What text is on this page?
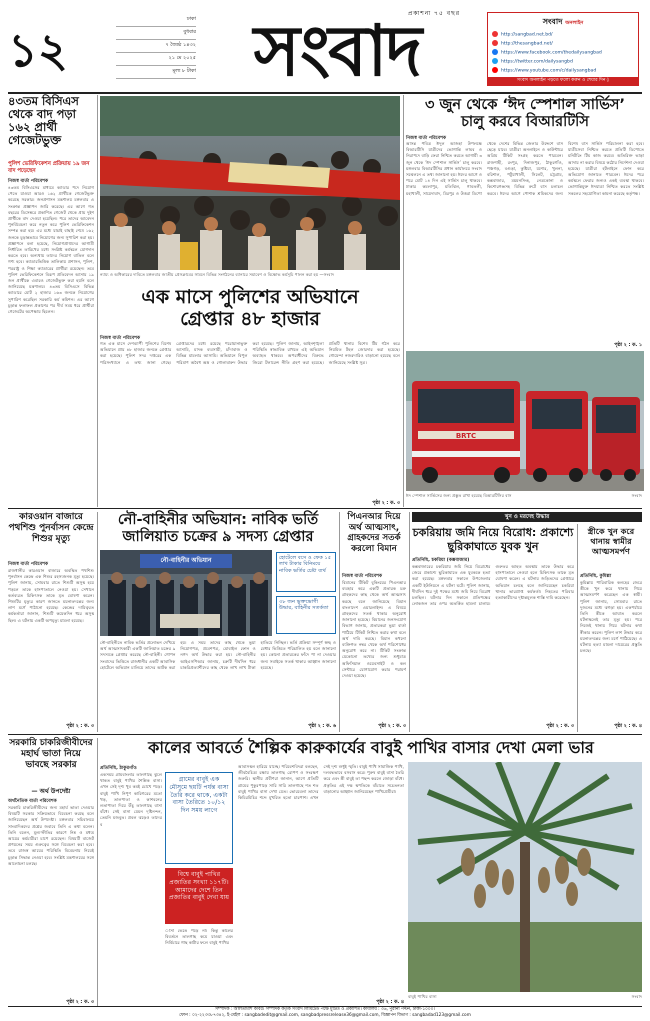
১২
ঢাকা
বুধবার
৭ জ্যৈষ্ঠ ১৪৩২
২১ মে ২০২৫
মূল্য ৮ টাকা
প্রকাশনা ৭৫ বছর
সংবাদ	সংবাদ অনলাইন
http://sangbad.net.bd/
http://thesangbad.net/
https://www.facebook.com/thedailysangbad
https://twitter.com/dailysangbd
https://www.youtube.com/c/dailysangbad
সংবাদ অনলাইন পড়তে ফলো করুন ও শেয়ার দিন ◊
৪৩তম বিসিএস থেকে বাদ পড়া ১৬২ প্রার্থী গেজেটভুক্ত
পুলিশ ভেরিফিকেশন প্রক্রিয়ায় ১৯ জন বাদ পড়েছেন
নিজস্ব বার্তা পরিবেশক
৪৩তম বিসিএসের মাধ্যমে ক্যাডার পদে নিয়োগ পেতে যাওয়া আরও ১৬২ প্রার্থীকে গেজেটভুক্ত করেছে সরকার। জনপ্রশাসন মন্ত্রণালয় মঙ্গলবার এ সংক্রান্ত প্রজ্ঞাপন জারি করেছে। এর আগে গত বছরের ডিসেম্বরে প্রকাশিত গেজেট থেকে প্রায় দুইশ প্রার্থীকে বাদ দেওয়া হয়েছিল। পরে তাদের আবেদন পুনর্বিবেচনা করে নতুন করে পুলিশ ভেরিফিকেশন সম্পন্ন করা হয়। এর মধ্যে যাচাই বাছাই শেষে ১৬২ জনকে চূড়ান্তভাবে নিয়োগের জন্য সুপারিশ করা হয়। প্রজ্ঞাপনে বলা হয়েছে, নিয়োগপ্রাপ্তদের আগামী নির্ধারিত তারিখের মধ্যে সংশ্লিষ্ট কর্মস্থলে যোগদান করতে হবে। অন্যথায় তাদের নিয়োগ বাতিল বলে গণ্য হবে। ক্যাডারভিত্তিক তালিকায় প্রশাসন, পুলিশ, পররাষ্ট্র ও শিক্ষা ক্যাডারের প্রার্থীরা রয়েছেন। তবে পুলিশ ভেরিফিকেশনে বিরূপ প্রতিবেদন আসায় ১৯ জন প্রার্থীকে এবারও গেজেটভুক্ত করা হয়নি বলে জানিয়েছে মন্ত্রণালয়। ৪৩তম বিসিএসে বিভিন্ন ক্যাডারে মোট ২ হাজার ১৬৩ জনকে নিয়োগের সুপারিশ করেছিল সরকারি কর্ম কমিশন। এর আগে চূড়ান্ত ফলাফল প্রকাশের পর দীর্ঘ সময় ধরে প্রার্থীরা গেজেটের অপেক্ষায় ছিলেন।
ন্যায্য ও অধিকারের দাবিতে মঙ্গলবার জাতীয় প্রেসক্লাবের সামনে বিভিন্ন সংগঠনের ব্যানারে সমাবেশ ও বিক্ষোভ কর্মসূচি পালন করা হয় —সংবাদ
৩ জুন থেকে ‘ঈদ স্পেশাল সার্ভিস’
চালু করবে বিআরটিসি
নিজস্ব বার্তা পরিবেশক
আসন্ন পবিত্র ঈদুল আজহা উপলক্ষে বিআরটিসি যাত্রীদের ভোগান্তি লাঘব ও নিরাপদে বাড়ি ফেরা নিশ্চিত করতে আগামী ৩ জুন থেকে ‘ঈদ স্পেশাল সার্ভিস’ চালু করবে। মঙ্গলবার বিআরটিসির প্রধান কার্যালয়ে সংবাদ সম্মেলনে এ তথ্য জানানো হয়। ঈদের আগে ও পরে মোট ১৪ দিন এই সার্ভিস চালু থাকবে। ঢাকার কমলাপুর, মতিঝিল, গাবতলী, মহাখালী, সায়েদাবাদ, মিরপুর ও উত্তরা ডিপো থেকে দেশের বিভিন্ন জেলার উদ্দেশে বাস ছেড়ে যাবে। যাত্রীরা অনলাইনে ও কাউন্টারে অগ্রিম টিকিট সংগ্রহ করতে পারবেন। রাজশাহী, রংপুর, দিনাজপুর, ঠাকুরগাঁও, পঞ্চগড়, বগুড়া, কুষ্টিয়া, যশোর, খুলনা, বরিশাল, পটুয়াখালী, সিলেট, চট্টগ্রাম, কক্সবাজার, ময়মনসিংহ, নেত্রকোনা ও কিশোরগঞ্জসহ বিভিন্ন রুটে বাস চলাচল করবে। ঈদের আগে পোশাক শ্রমিকদের জন্য বিশেষ বাস সার্ভিস পরিচালনা করা হবে। যাত্রীসেবা নিশ্চিত করতে প্রতিটি ডিপোতে মনিটরিং টিম কাজ করবে। অতিরিক্ত ভাড়া আদায় না করার বিষয়ে কঠোর নির্দেশনা দেওয়া হয়েছে। যাত্রীরা হটলাইনে ফোন করে অভিযোগ জানাতে পারবেন। ঈদের পরে কর্মস্থলে ফেরার জন্যও একই ব্যবস্থা থাকবে। ভোগান্তিমুক্ত ঈদযাত্রা নিশ্চিত করতে সংশ্লিষ্ট সকলের সহযোগিতা কামনা করেছে কর্তৃপক্ষ।
পৃষ্ঠা ২ : ক. ১
BRTC
ঈদ স্পেশাল সার্ভিসের জন্য প্রস্তুত রাখা হয়েছে বিআরটিসির বাস	সংবাদ
এক মাসে পুলিশের অভিযানে
গ্রেপ্তার ৪৮ হাজার
নিজস্ব বার্তা পরিবেশক
গত এক মাসে দেশব্যাপী পুলিশের বিশেষ অভিযানে প্রায় ৪৮ হাজার জনকে গ্রেপ্তার করা হয়েছে। পুলিশ সদর দপ্তরের এক পরিসংখ্যানে এ তথ্য জানা গেছে। গ্রেপ্তারদের মধ্যে রয়েছে পরোয়ানাভুক্ত আসামি, মাদক ব্যবসায়ী, চাঁদাবাজ ও বিভিন্ন মামলার আসামি। অভিযানে বিপুল পরিমাণ অবৈধ অস্ত্র ও গোলাবারুদ উদ্ধার করা হয়েছে। পুলিশ জানায়, আইনশৃঙ্খলা পরিস্থিতি স্বাভাবিক রাখতে এই অভিযান অব্যাহত থাকবে। অপরাধীদের বিরুদ্ধে জিরো টলারেন্স নীতি গ্রহণ করা হয়েছে। প্রতিটি থানায় বিশেষ টিম গঠন করে নিয়মিত টহল জোরদার করা হয়েছে। গোয়েন্দা নজরদারিও বাড়ানো হয়েছে বলে জানিয়েছে সংশ্লিষ্ট সূত্র।
পৃষ্ঠা ২ : ক. ৩
কারওয়ান বাজারে পথশিশু পুনর্বাসন কেন্দ্রে শিশুর মৃত্যু
নিজস্ব বার্তা পরিবেশক
রাজধানীর কারওয়ান বাজারে অবস্থিত পথশিশু পুনর্বাসন কেন্দ্রে এক শিশুর রহস্যজনক মৃত্যু হয়েছে। পুলিশ জানায়, সোমবার রাতে শিশুটি অসুস্থ হয়ে পড়লে তাকে হাসপাতালে নেওয়া হয়। সেখানে কর্তব্যরত চিকিৎসক তাকে মৃত ঘোষণা করেন। শিশুটির মৃত্যুর কারণ জানতে ময়নাতদন্তের জন্য লাশ মর্গে পাঠানো হয়েছে। কেন্দ্রের দায়িত্বরত কর্মকর্তারা জানান, শিশুটি কয়েকদিন ধরে অসুস্থ ছিল। এ ঘটনায় একটি অপমৃত্যু মামলা হয়েছে।
পৃষ্ঠা ২ : ক. ৩
নৌ-বাহিনীর অভিযান: নাবিক ভর্তি
জালিয়াত চক্রের ৯ সদস্য গ্রেপ্তার
নৌ-বাহিনীর অভিযান	হোটেলে বসে ও ফেক ১৫ লাখ টাকার বিনিময়ে নাবিক ভর্তির চেষ্টা ব্যর্থ
৩৮ জন ভুক্তভোগী উদ্ধার, বাহিনীর সতর্কতা
নৌ-বাহিনীতে নাবিক ভর্তির প্রলোভন দেখিয়ে অর্থ আত্মসাৎকারী একটি জালিয়াত চক্রের ৯ সদস্যকে গ্রেপ্তার করেছে নৌ-বাহিনী। গোপন সংবাদের ভিত্তিতে রাজধানীর একটি আবাসিক হোটেলে অভিযান চালিয়ে তাদের আটক করা হয়। এ সময় তাদের কাছ থেকে ভুয়া নিয়োগপত্র, প্রবেশপত্র, মোবাইল ফোন ও নগদ অর্থ উদ্ধার করা হয়। নৌ-বাহিনীর আইএসপিআর জানায়, চক্রটি দীর্ঘদিন ধরে চাকরিপ্রত্যাশীদের কাছ থেকে লাখ লাখ টাকা হাতিয়ে নিচ্ছিল। ভর্তি প্রক্রিয়া সম্পূর্ণ স্বচ্ছ ও মেধার ভিত্তিতে পরিচালিত হয় বলে জানানো হয়। কোনো প্রতারকের ফাঁদে পা না দেওয়ার জন্য সবাইকে সতর্ক থাকার আহ্বান জানানো হয়েছে।
পৃষ্ঠা ২ : ক. ৬
পিএনআর দিয়ে অর্থ আত্মসাৎ, গ্রাহকদের সতর্ক করলো বিমান
নিজস্ব বার্তা পরিবেশক
বিমানের টিকিট বুকিংয়ের পিএনআর ব্যবহার করে একটি প্রতারক চক্র গ্রাহকদের কাছ থেকে অর্থ আত্মসাৎ করছে বলে জানিয়েছে বিমান বাংলাদেশ এয়ারলাইন্স। এ বিষয়ে গ্রাহকদের সতর্ক থাকার অনুরোধ জানানো হয়েছে। বিমানের জনসংযোগ বিভাগ জানায়, প্রতারকরা ভুয়া বার্তা পাঠিয়ে টিকিট নিশ্চিত করার কথা বলে অর্থ দাবি করছে। বিমান কখনো ব্যক্তিগত নম্বর থেকে অর্থ পরিশোধের অনুরোধ করে না। টিকিট সংক্রান্ত যেকোনো তথ্যের জন্য শুধুমাত্র অফিসিয়াল ওয়েবসাইট ও কল সেন্টারে যোগাযোগ করার পরামর্শ দেওয়া হয়েছে।
পৃষ্ঠা ২ : ক. ৩
খুন ও মরদেহ উদ্ধার
চকরিয়ায় জমি নিয়ে বিরোধ: প্রকাশ্যে ছুরিকাঘাতে যুবক খুন
প্রতিনিধি, চকরিয়া (কক্সবাজার)
কক্সবাজারের চকরিয়ায় জমি নিয়ে বিরোধের জেরে প্রকাশ্যে ছুরিকাঘাতে এক যুবককে হত্যা করা হয়েছে। মঙ্গলবার সকালে উপজেলার একটি ইউনিয়নে এ ঘটনা ঘটে। পুলিশ জানায়, দীর্ঘদিন ধরে দুই পক্ষের মধ্যে জমি নিয়ে বিরোধ চলছিল। ঘটনার দিন সকালে প্রতিপক্ষের লোকজন তার ওপর অতর্কিত হামলা চালায়। গুরুতর আহত অবস্থায় তাকে উদ্ধার করে হাসপাতালে নেওয়া হলে চিকিৎসক তাকে মৃত ঘোষণা করেন। এ ঘটনায় জড়িতদের গ্রেপ্তারে অভিযান চলছে বলে জানিয়েছেন চকরিয়া থানার ভারপ্রাপ্ত কর্মকর্তা। নিহতের পরিবার হত্যাকারীদের দৃষ্টান্তমূলক শাস্তি দাবি করেছেন।
পৃষ্ঠা ২ : ক. ৩
স্ত্রীকে খুন করে থানায় স্বামীর আত্মসমর্পণ
প্রতিনিধি, কুমিল্লা
কুমিল্লায় পারিবারিক কলহের জেরে স্ত্রীকে খুন করে থানায় গিয়ে আত্মসমর্পণ করেছেন এক স্বামী। পুলিশ জানায়, সোমবার রাতে দুজনের মধ্যে ঝগড়া হয়। একপর্যায়ে তিনি স্ত্রীকে আঘাত করলে ঘটনাস্থলেই তার মৃত্যু হয়। পরে নিজেই থানায় গিয়ে ঘটনার কথা স্বীকার করেন। পুলিশ লাশ উদ্ধার করে ময়নাতদন্তের জন্য মর্গে পাঠিয়েছে। এ ঘটনায় হত্যা মামলা দায়েরের প্রস্তুতি চলছে।
পৃষ্ঠা ২ : ক. ৪
সরকারি চাকরিজীবীদের মহার্ঘ ভাতা নিয়ে ভাবছে সরকার
— অর্থ উপদেষ্টা
অর্থনৈতিক বার্তা পরিবেশক
সরকারি চাকরিজীবীদের জন্য মহার্ঘ ভাতা দেওয়ার বিষয়টি সরকার সক্রিয়ভাবে বিবেচনা করছে বলে জানিয়েছেন অর্থ উপদেষ্টা। মঙ্গলবার সচিবালয়ে সাংবাদিকদের প্রশ্নের জবাবে তিনি এ কথা বলেন। তিনি বলেন, মূল্যস্ফীতির কারণে নিম্ন ও মধ্যম আয়ের কর্মচারীরা চাপে রয়েছেন। বিষয়টি বাজেট প্রণয়নের সময় গুরুত্বের সঙ্গে বিবেচনা করা হবে। তবে রাজস্ব আয়ের পরিস্থিতি বিবেচনায় নিয়েই চূড়ান্ত সিদ্ধান্ত নেওয়া হবে। সংশ্লিষ্ট মন্ত্রণালয়ের সঙ্গে আলোচনা চলছে।
পৃষ্ঠা ২ : ক. ৩
কালের আবর্তে শৈল্পিক কারুকার্যের বাবুই পাখির বাসার দেখা মেলা ভার
প্রতিনিধি, ঠাকুরগাঁও
একসময় গ্রামবাংলার তালগাছে ঝুলে থাকত বাবুই পাখির শৈল্পিক বাসা। এখন সেই দৃশ্য খুব কমই চোখে পড়ে। বাবুই পাখি নিপুণ কারিগরের মতো খড়, তালপাতা ও কাশবনের লতাপাতা দিয়ে উঁচু তালগাছে বাসা বাঁধে। সেই বাসা যেমন দৃষ্টিনন্দন, তেমনি মজবুত। প্রবল ঝড়েও তাদের ব
গ্রামের বাবুই এক মৌসুমে ছয়টি পর্যন্ত বাসা তৈরি করে থাকে, একটা বাসা তৈরিতে ১০/১২ দিন সময় লাগে
বিশ্বে বাবুই পাখির প্রজাতির সংখ্যা ১১৭টি। আমাদের দেশে তিন প্রজাতির বাবুই দেখা যায়
াসা ভেঙে পড়ে না। কিন্তু কালের বিবর্তনে তালগাছ কমে যাওয়া এবং নির্বিচারে গাছ কাটার ফলে বাবুই পাখির
আবাসস্থল হারিয়ে যাচ্ছে। পরিবেশবিদরা বলছেন, জীববৈচিত্র্য রক্ষায় তালগাছ রোপণ ও সংরক্ষণ জরুরি। স্থানীয় প্রবীণরা জানান, আগে প্রতিটি গ্রামের পুকুরপাড়ে সারি সারি তালগাছে শত শত বাবুই পাখির বাসা দেখা যেত। ভোরবেলা তাদের কিচিরমিচির শব্দে মুখরিত হতো চারপাশ। এখন সেই দৃশ্য শুধুই স্মৃতি। বাবুই পাখি সামাজিক পাখি, দলবদ্ধভাবে বসবাস করে। পুরুষ বাবুই বাসা তৈরি করে এবং স্ত্রী বাবুই তা পছন্দ করলে জোড়া বাঁধে। প্রকৃতির এই দক্ষ স্থপতিকে বাঁচাতে সচেতনতা বাড়ানোর আহ্বান জানিয়েছেন পাখিপ্রেমীরা।
পৃষ্ঠা ২ : ক. ৪
বাবুই পাখির বাসা	সংবাদ
সম্পাদক : আলতামাশ কবির। সম্পাদক কর্তৃক সংবাদ লিমিটেড পক্ষে মুদ্রিত ও প্রকাশিত। কার্যালয় : ৩৬, পুরানা পল্টন, ঢাকা-১০০০।
ফোন : ০২-২২৩৩৮৭৩৪২, ই-মেইল : sangbadedit@gmail.com, sangbadpressrelease36@gmail.com, বিজ্ঞাপন বিভাগ : sangbadad123@gmail.com
